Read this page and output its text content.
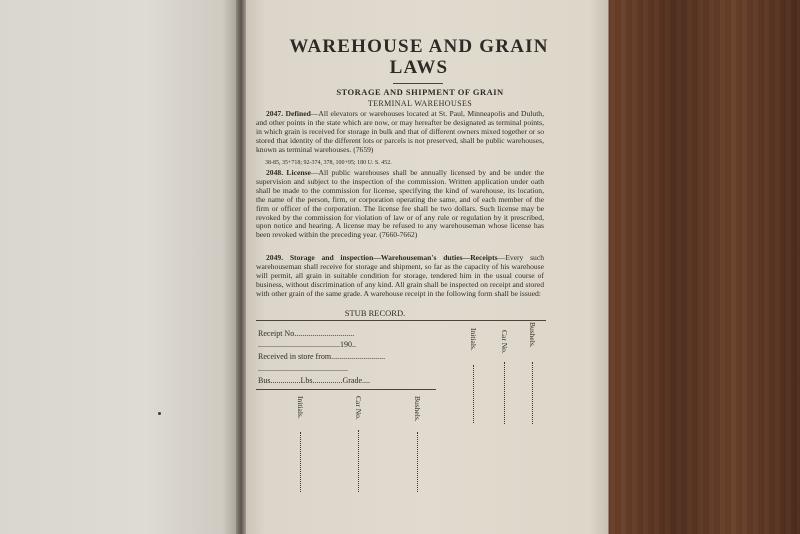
WAREHOUSE AND GRAIN
LAWS
STORAGE AND SHIPMENT OF GRAIN
TERMINAL WAREHOUSES
2047. Defined—All elevators or warehouses located at St. Paul, Minneapolis and Duluth, and other points in the state which are now, or may hereafter be designated as terminal points, in which grain is received for storage in bulk and that of different owners mixed together or so stored that identity of the different lots or parcels is not preserved, shall be public warehouses, known as terminal warehouses. (7659)
38-85, 35+718; 92-374, 378, 100+95; 180 U. S. 452.
2048. License—All public warehouses shall be annually licensed by and be under the supervision and subject to the inspection of the commission. Written application under oath shall be made to the commission for license, specifying the kind of warehouse, its location, the name of the person, firm, or corporation operating the same, and of each member of the firm or officer of the corporation. The license fee shall be two dollars. Such license may be revoked by the commission for violation of law or of any rule or regulation by it prescribed, upon notice and hearing. A license may be refused to any warehouseman whose license has been revoked within the preceding year. (7660-7662)
2049. Storage and inspection—Warehouseman's duties—Receipts—Every such warehouseman shall receive for storage and shipment, so far as the capacity of his warehouse will permit, all grain in suitable condition for storage, tendered him in the usual course of business, without discrimination of any kind. All grain shall be inspected on receipt and stored with other grain of the same grade. A warehouse receipt in the following form shall be issued:
STUB RECORD.
Receipt No..............................
.........................................190..
Received in store from...........................
.............................................
Bus...............Lbs...............Grade....
Initials.	Car No.	Bushels.
Initials.	Car No.	Bushels.
